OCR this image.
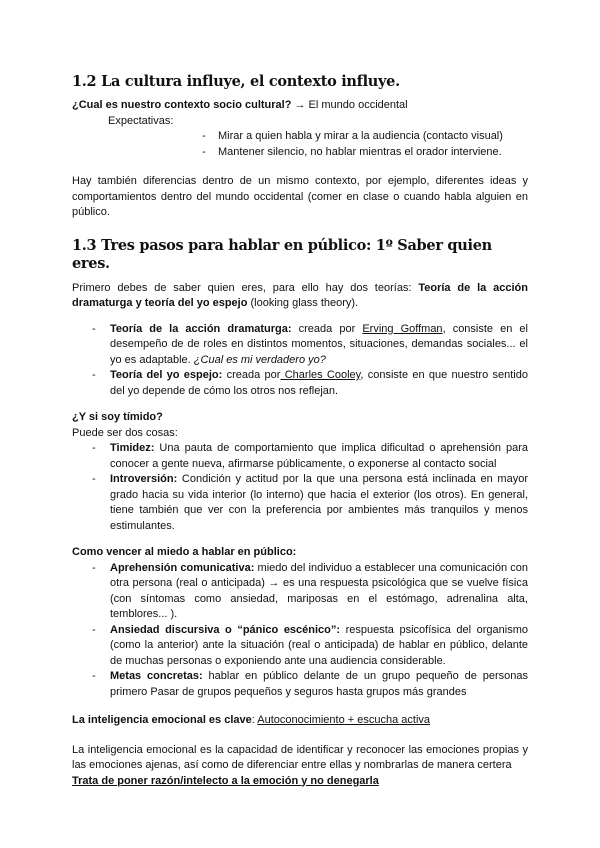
1.2 La cultura influye, el contexto influye.
¿Cual es nuestro contexto socio cultural? → El mundo occidental
Expectativas:
- Mirar a quien habla y mirar a la audiencia (contacto visual)
- Mantener silencio, no hablar mientras el orador interviene.
Hay también diferencias dentro de un mismo contexto, por ejemplo, diferentes ideas y comportamientos dentro del mundo occidental (comer en clase o cuando habla alguien en público.
1.3 Tres pasos para hablar en público: 1º Saber quien eres.
Primero debes de saber quien eres, para ello hay dos teorías: Teoría de la acción dramaturga y teoría del yo espejo (looking glass theory).
- Teoría de la acción dramaturga: creada por Erving Goffman, consiste en el desempeño de de roles en distintos momentos, situaciones, demandas sociales... el yo es adaptable. ¿Cual es mi verdadero yo?
- Teoría del yo espejo: creada por Charles Cooley, consiste en que nuestro sentido del yo depende de cómo los otros nos reflejan.
¿Y si soy tímido?
Puede ser dos cosas:
- Timidez: Una pauta de comportamiento que implica dificultad o aprehensión para conocer a gente nueva, afirmarse públicamente, o exponerse al contacto social
- Introversión: Condición y actitud por la que una persona está inclinada en mayor grado hacia su vida interior (lo interno) que hacia el exterior (los otros). En general, tiene también que ver con la preferencia por ambientes más tranquilos y menos estimulantes.
Como vencer al miedo a hablar en público:
- Aprehensión comunicativa: miedo del individuo a establecer una comunicación con otra persona (real o anticipada) → es una respuesta psicológica que se vuelve física (con síntomas como ansiedad, mariposas en el estómago, adrenalina alta, temblores... ).
- Ansiedad discursiva o “pánico escénico”: respuesta psicofísica del organismo (como la anterior) ante la situación (real o anticipada) de hablar en público, delante de muchas personas o exponiendo ante una audiencia considerable.
- Metas concretas: hablar en público delante de un grupo pequeño de personas primero Pasar de grupos pequeños y seguros hasta grupos más grandes
La inteligencia emocional es clave: Autoconocimiento + escucha activa
La inteligencia emocional es la capacidad de identificar y reconocer las emociones propias y las emociones ajenas, así como de diferenciar entre ellas y nombrarlas de manera certera
Trata de poner razón/intelecto a la emoción y no denegarla
